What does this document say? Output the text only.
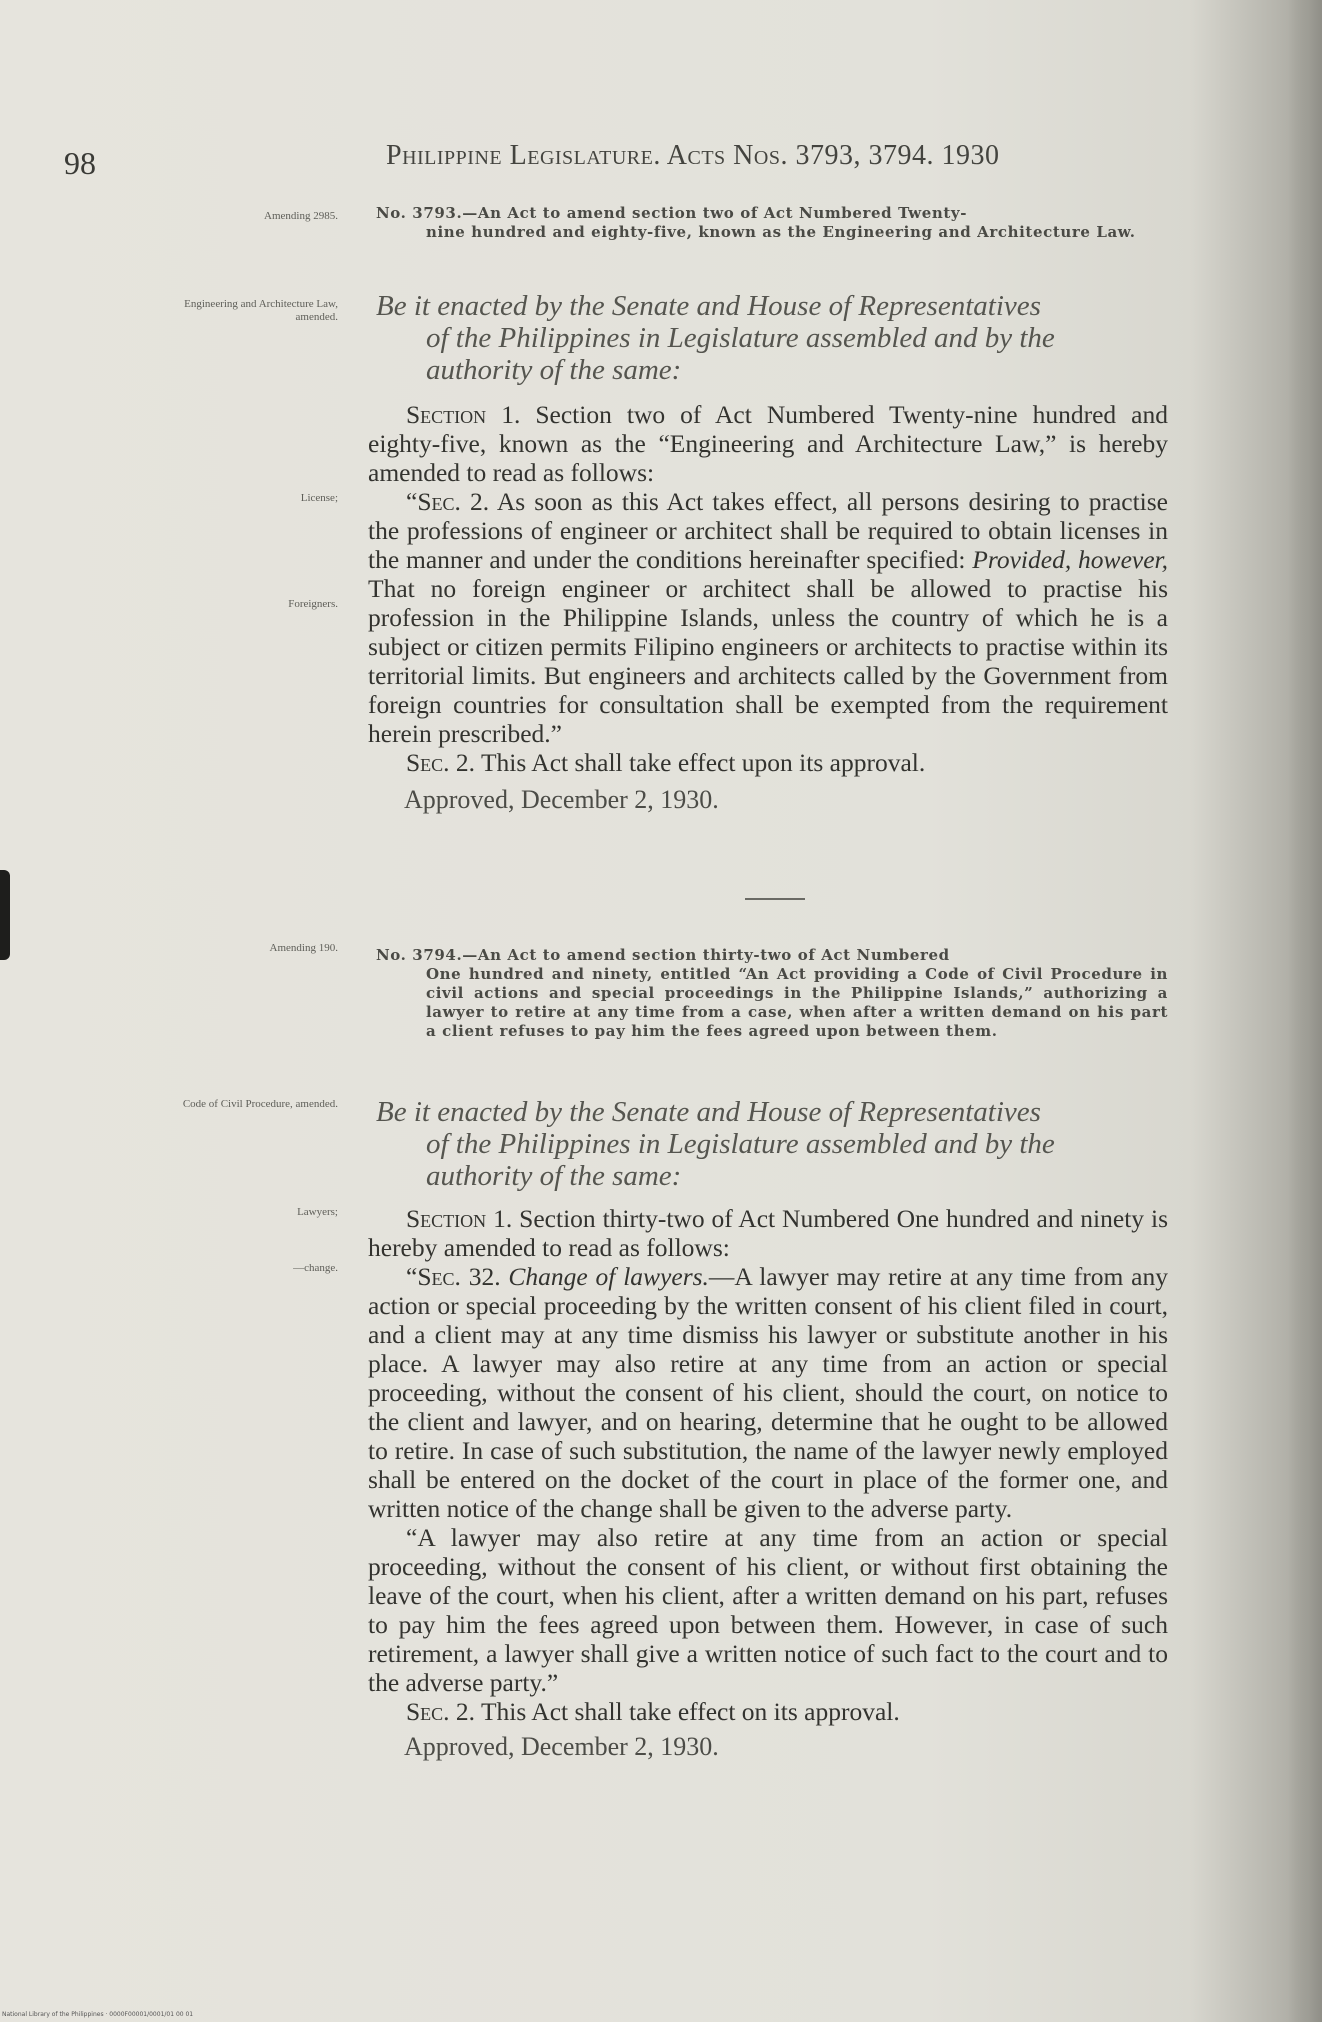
98	Philippine Legislature. Acts Nos. 3793, 3794. 1930
Amending 2985.	No. 3793.—An Act to amend section two of Act Numbered Twenty-
nine hundred and eighty-five, known as the Engineering and Architecture Law.
Engineering and Architecture Law, amended. Be it enacted by the Senate and House of Representatives
of the Philippines in Legislature assembled and by the authority of the same:
License;
Foreigners.

Section 1. Section two of Act Numbered Twenty-nine hundred and eighty-five, known as the “Engineering and Architecture Law,” is hereby amended to read as follows:

“Sec. 2. As soon as this Act takes effect, all persons desiring to practise the professions of engineer or architect shall be required to obtain licenses in the manner and under the conditions hereinafter specified: Provided, however, That no foreign engineer or architect shall be allowed to practise his profession in the Philippine Islands, unless the country of which he is a subject or citizen permits Filipino engineers or architects to practise within its territorial limits. But engineers and architects called by the Government from foreign countries for consultation shall be exempted from the requirement herein prescribed.”

Sec. 2. This Act shall take effect upon its approval.

Approved, December 2, 1930.
Amending 190.	No. 3794.—An Act to amend section thirty-two of Act Numbered
One hundred and ninety, entitled “An Act providing a Code of Civil Procedure in civil actions and special proceedings in the Philippine Islands,” authorizing a lawyer to retire at any time from a case, when after a written demand on his part a client refuses to pay him the fees agreed upon between them.
Code of Civil Procedure, amended. Be it enacted by the Senate and House of Representatives
of the Philippines in Legislature assembled and by the authority of the same:
Lawyers;
—change.

Section 1. Section thirty-two of Act Numbered One hundred and ninety is hereby amended to read as follows:

“Sec. 32. Change of lawyers.—A lawyer may retire at any time from any action or special proceeding by the written consent of his client filed in court, and a client may at any time dismiss his lawyer or substitute another in his place. A lawyer may also retire at any time from an action or special proceeding, without the consent of his client, should the court, on notice to the client and lawyer, and on hearing, determine that he ought to be allowed to retire. In case of such substitution, the name of the lawyer newly employed shall be entered on the docket of the court in place of the former one, and written notice of the change shall be given to the adverse party.

“A lawyer may also retire at any time from an action or special proceeding, without the consent of his client, or without first obtaining the leave of the court, when his client, after a written demand on his part, refuses to pay him the fees agreed upon between them. However, in case of such retirement, a lawyer shall give a written notice of such fact to the court and to the adverse party.”

Sec. 2. This Act shall take effect on its approval.

Approved, December 2, 1930.
National Library of the Philippines · 0000F00001/0001/01 00 01
